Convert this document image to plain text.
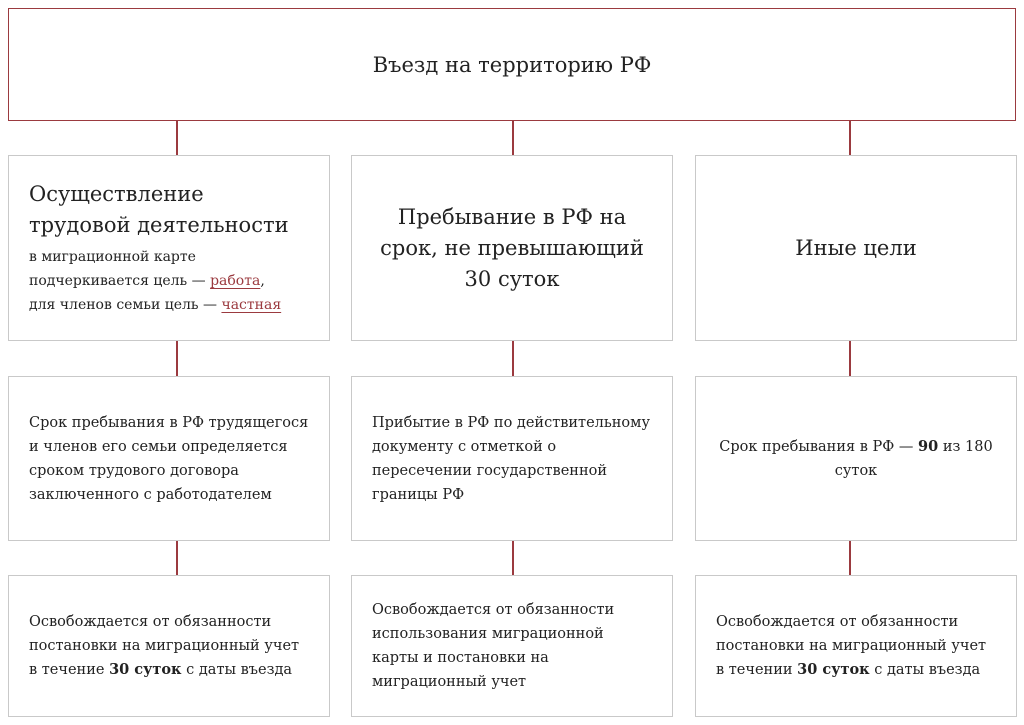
Въезд на территорию РФ
Осуществление
трудовой деятельности
в миграционной карте
подчеркивается цель — работа,
для членов семьи цель — частная
Срок пребывания в РФ трудящегося и членов его семьи определяется сроком трудового договора заключенного с работодателем
Освобождается от обязанности постановки на миграционный учет в течение 30 суток с даты въезда
Пребывание в РФ на срок, не превышающий 30 суток
Прибытие в РФ по действительному документу с отметкой о пересечении государственной границы РФ
Освобождается от обязанности использования миграционной карты и постановки на миграционный учет
Иные цели
Срок пребывания в РФ — 90 из 180 суток
Освобождается от обязанности постановки на миграционный учет в течении 30 суток с даты въезда
